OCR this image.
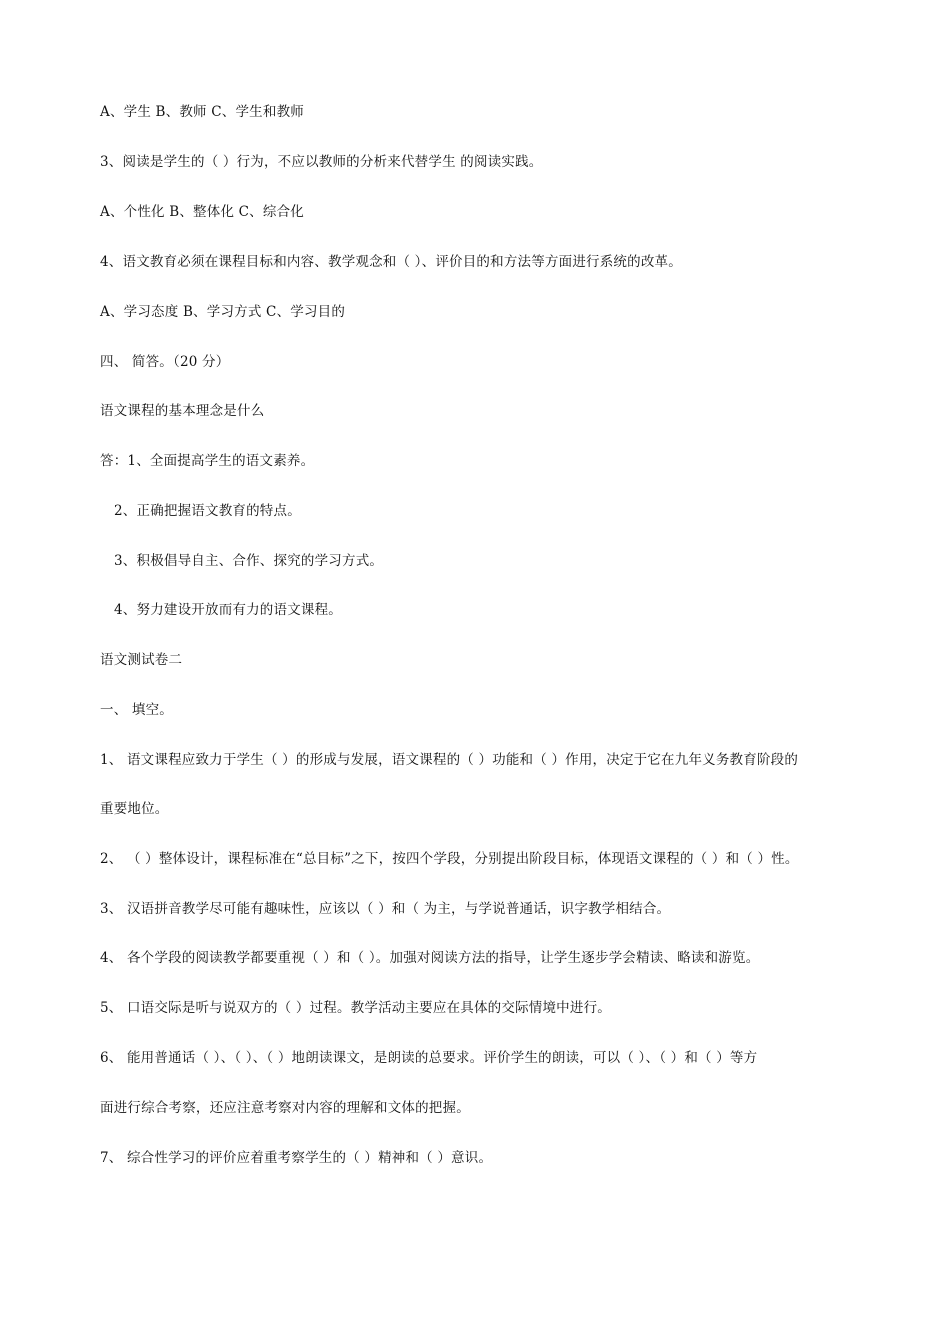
A、学生 B、教师 C、学生和教师
3、阅读是学生的（ ）行为，不应以教师的分析来代替学生 的阅读实践。
A、个性化 B、整体化 C、综合化
4、语文教育必须在课程目标和内容、教学观念和（ ）、评价目的和方法等方面进行系统的改革。
A、学习态度 B、学习方式 C、学习目的
四、 简答。（20 分）
语文课程的基本理念是什么
答：1、全面提高学生的语文素养。
2、正确把握语文教育的特点。
3、积极倡导自主、合作、探究的学习方式。
4、努力建设开放而有力的语文课程。
语文测试卷二
一、 填空。
1、 语文课程应致力于学生（ ）的形成与发展，语文课程的（ ）功能和（ ）作用，决定于它在九年义务教育阶段的
重要地位。
2、 （ ）整体设计，课程标准在“总目标”之下，按四个学段，分别提出阶段目标，体现语文课程的（ ）和（ ）性。
3、 汉语拼音教学尽可能有趣味性，应该以（ ）和（ 为主，与学说普通话，识字教学相结合。
4、 各个学段的阅读教学都要重视（ ）和（ ）。加强对阅读方法的指导，让学生逐步学会精读、略读和游览。
5、 口语交际是听与说双方的（ ）过程。教学活动主要应在具体的交际情境中进行。
6、 能用普通话（ ）、（ ）、（ ）地朗读课文，是朗读的总要求。评价学生的朗读，可以（ ）、（ ）和（ ）等方
面进行综合考察，还应注意考察对内容的理解和文体的把握。
7、 综合性学习的评价应着重考察学生的（ ）精神和（ ）意识。
